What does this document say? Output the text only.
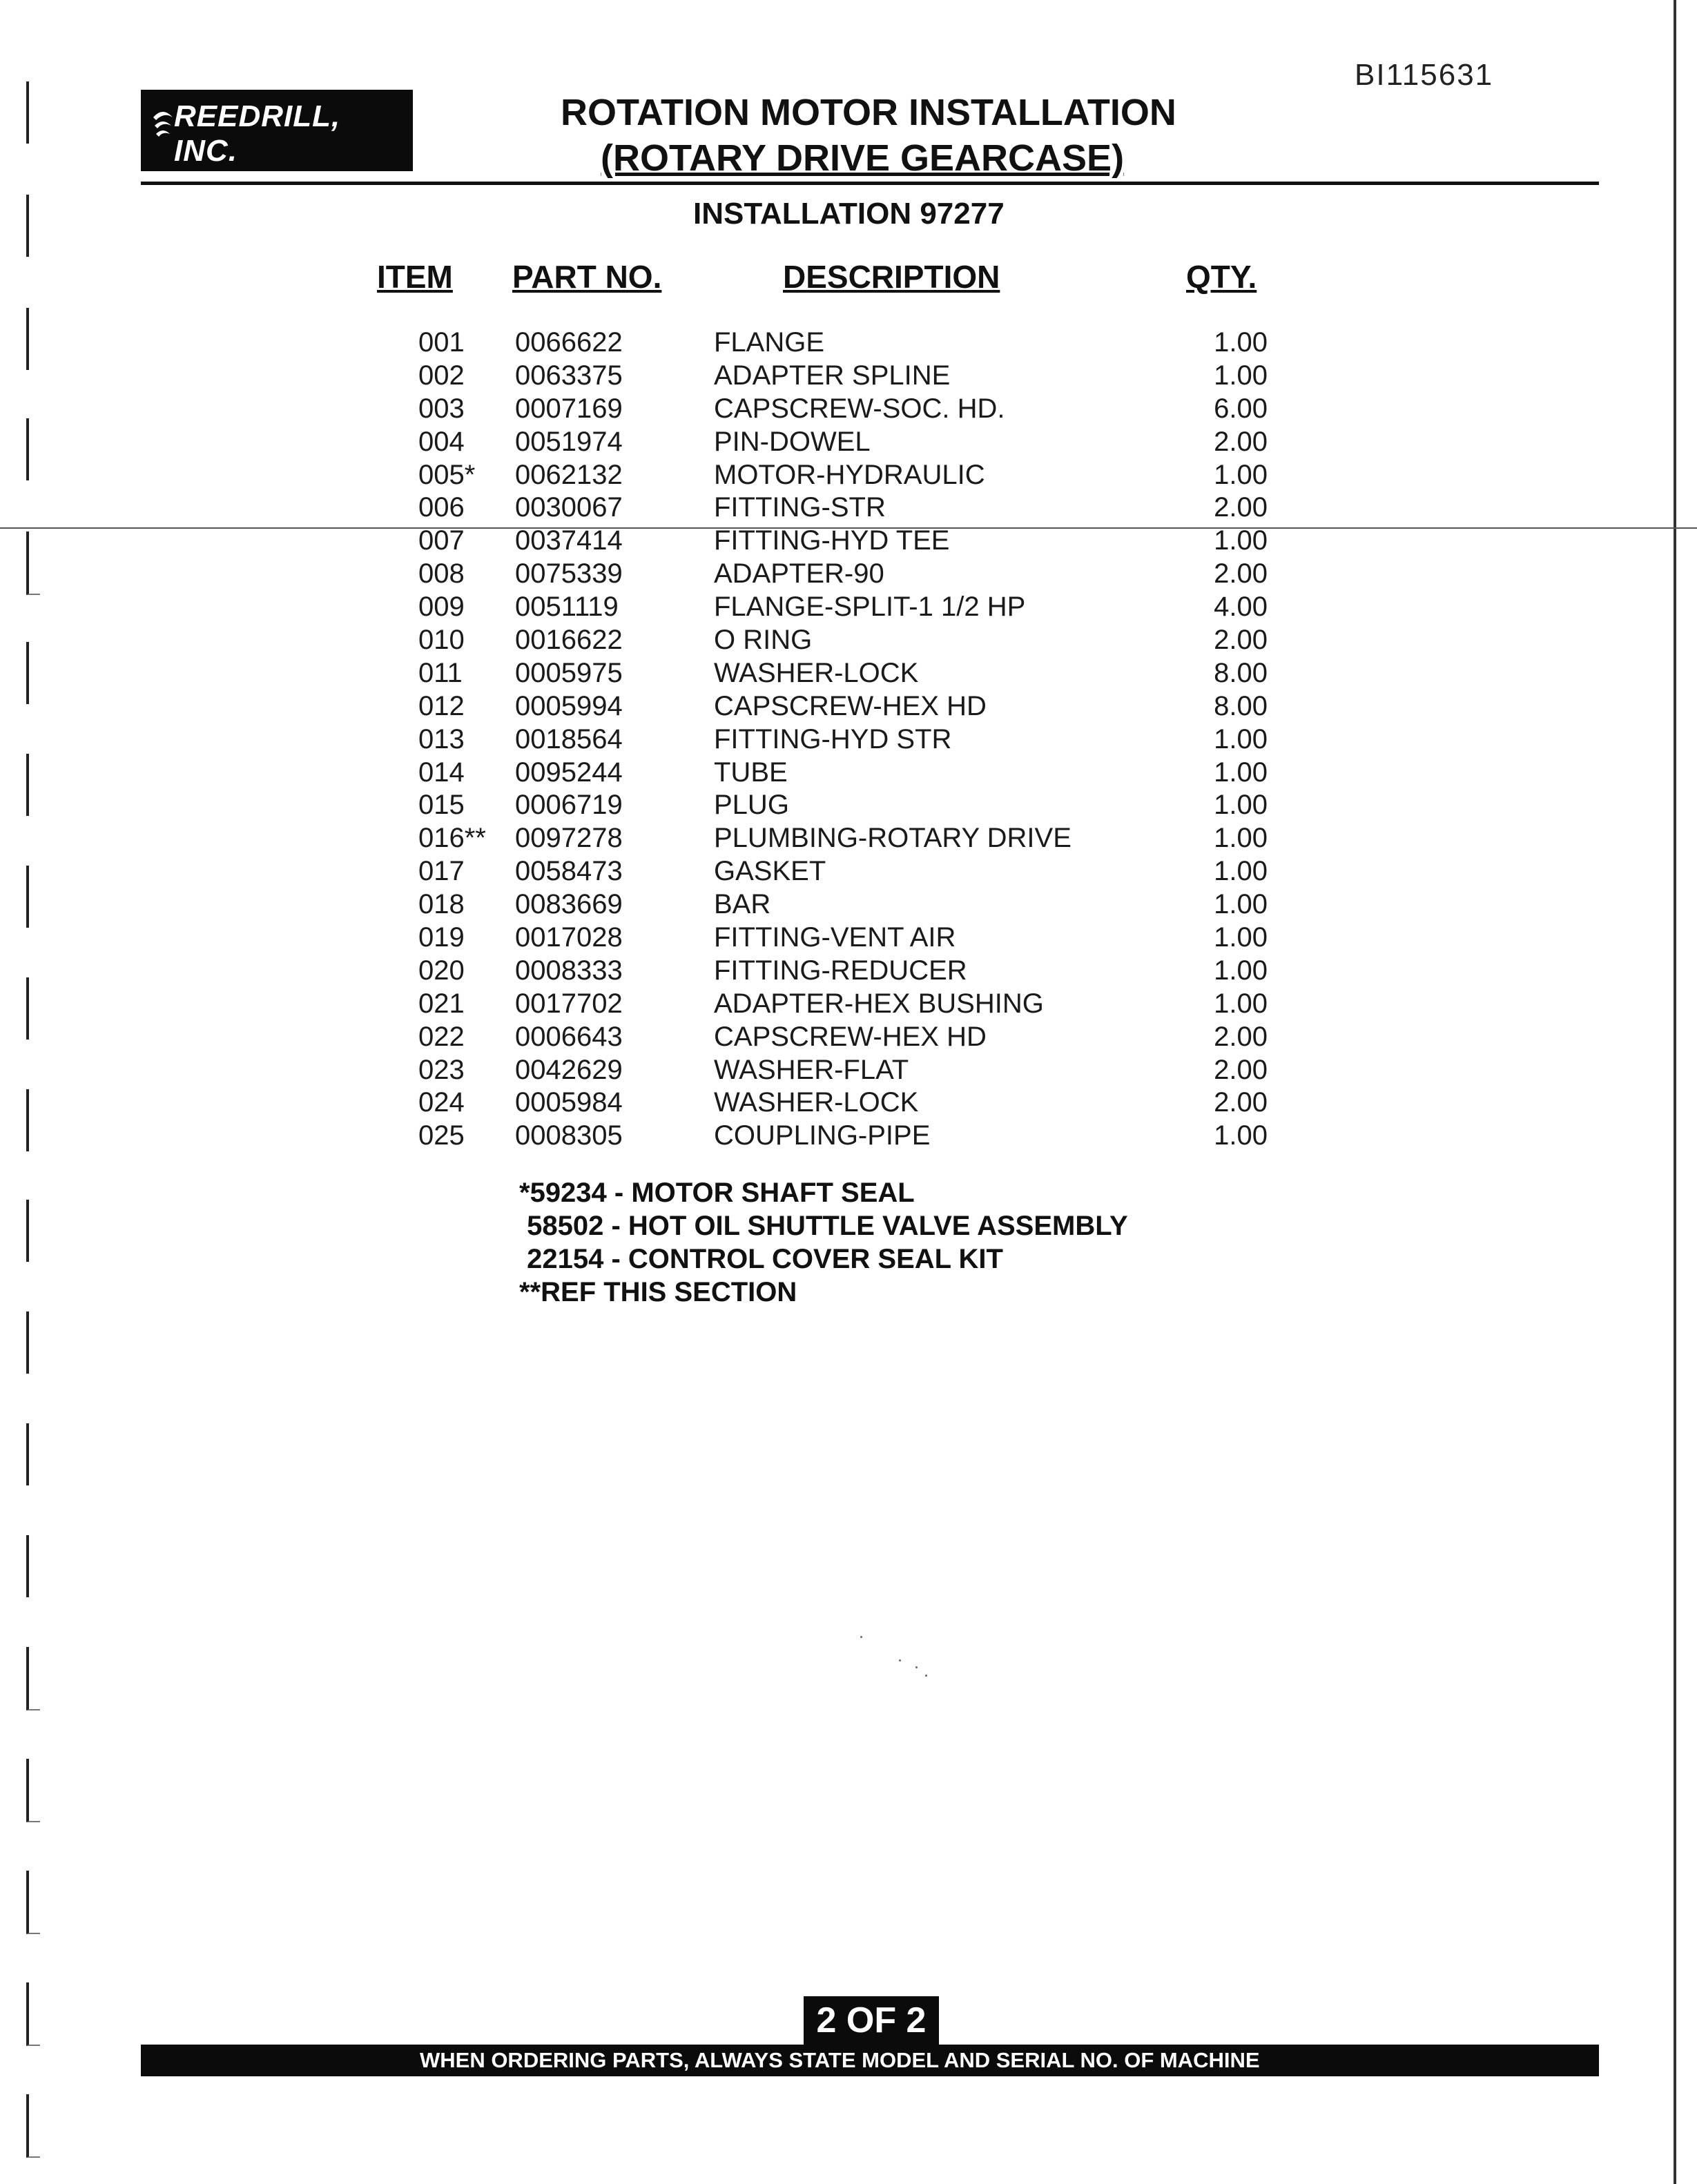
BI115631
REEDRILL, INC.
ROTATION MOTOR INSTALLATION
(ROTARY DRIVE GEARCASE)
INSTALLATION 97277
ITEM PART NO.	DESCRIPTION	QTY.
001 0066622	FLANGE	1.00
002 0063375	ADAPTER SPLINE	1.00
003 0007169	CAPSCREW-SOC. HD.	6.00
004 0051974	PIN-DOWEL	2.00
005* 0062132	MOTOR-HYDRAULIC	1.00
006 0030067	FITTING-STR	2.00
007 0037414	FITTING-HYD TEE	1.00
008 0075339	ADAPTER-90	2.00
009 0051119	FLANGE-SPLIT-1 1/2 HP	4.00
010 0016622	O RING	2.00
011 0005975	WASHER-LOCK	8.00
012 0005994	CAPSCREW-HEX HD	8.00
013 0018564	FITTING-HYD STR	1.00
014 0095244	TUBE	1.00
015 0006719	PLUG	1.00
016** 0097278	PLUMBING-ROTARY DRIVE	1.00
017 0058473	GASKET	1.00
018 0083669	BAR	1.00
019 0017028	FITTING-VENT AIR	1.00
020 0008333	FITTING-REDUCER	1.00
021 0017702	ADAPTER-HEX BUSHING	1.00
022 0006643	CAPSCREW-HEX HD	2.00
023 0042629	WASHER-FLAT	2.00
024 0005984	WASHER-LOCK	2.00
025 0008305	COUPLING-PIPE	1.00
*59234 - MOTOR SHAFT SEAL
58502 - HOT OIL SHUTTLE VALVE ASSEMBLY
22154 - CONTROL COVER SEAL KIT
**REF THIS SECTION
2 OF 2
WHEN ORDERING PARTS, ALWAYS STATE MODEL AND SERIAL NO. OF MACHINE
